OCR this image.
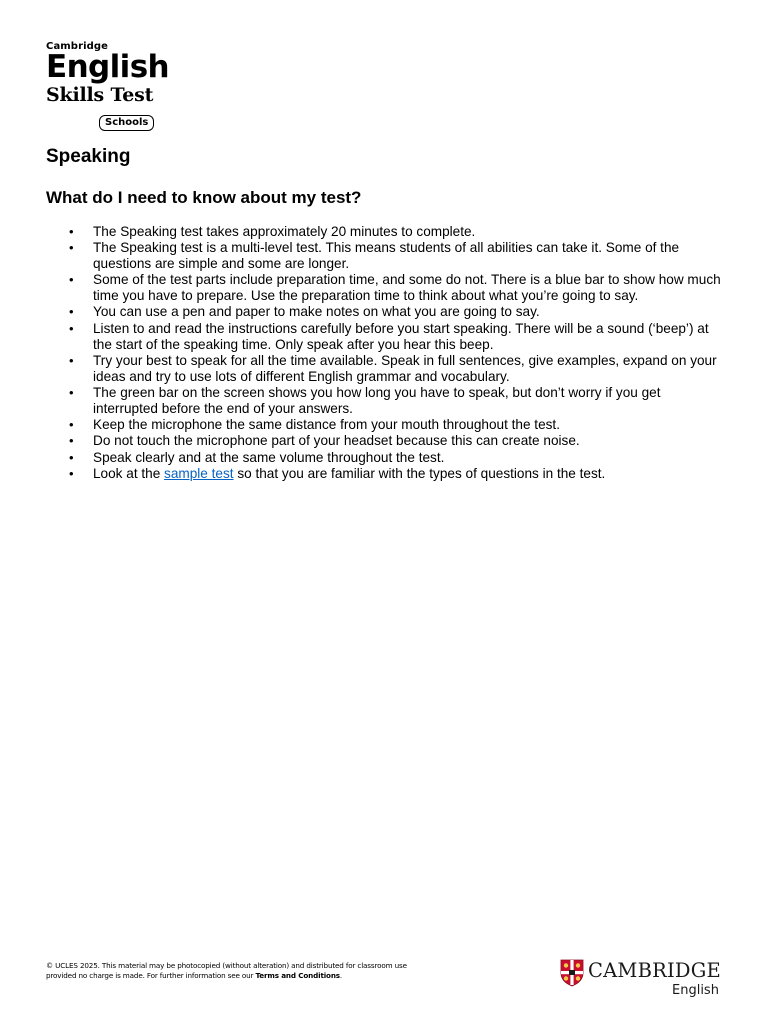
Cambridge
English
Skills Test
Schools
Speaking
What do I need to know about my test?
• The Speaking test takes approximately 20 minutes to complete.
• The Speaking test is a multi-level test. This means students of all abilities can take it. Some of the questions are simple and some are longer.
• Some of the test parts include preparation time, and some do not. There is a blue bar to show how much time you have to prepare. Use the preparation time to think about what you’re going to say.
• You can use a pen and paper to make notes on what you are going to say.
• Listen to and read the instructions carefully before you start speaking. There will be a sound (‘beep’) at the start of the speaking time. Only speak after you hear this beep.
• Try your best to speak for all the time available. Speak in full sentences, give examples, expand on your ideas and try to use lots of different English grammar and vocabulary.
• The green bar on the screen shows you how long you have to speak, but don’t worry if you get interrupted before the end of your answers.
• Keep the microphone the same distance from your mouth throughout the test.
• Do not touch the microphone part of your headset because this can create noise.
• Speak clearly and at the same volume throughout the test.
• Look at the sample test so that you are familiar with the types of questions in the test.
© UCLES 2025. This material may be photocopied (without alteration) and distributed for classroom use
provided no charge is made. For further information see our Terms and Conditions.	CAMBRIDGE
English
